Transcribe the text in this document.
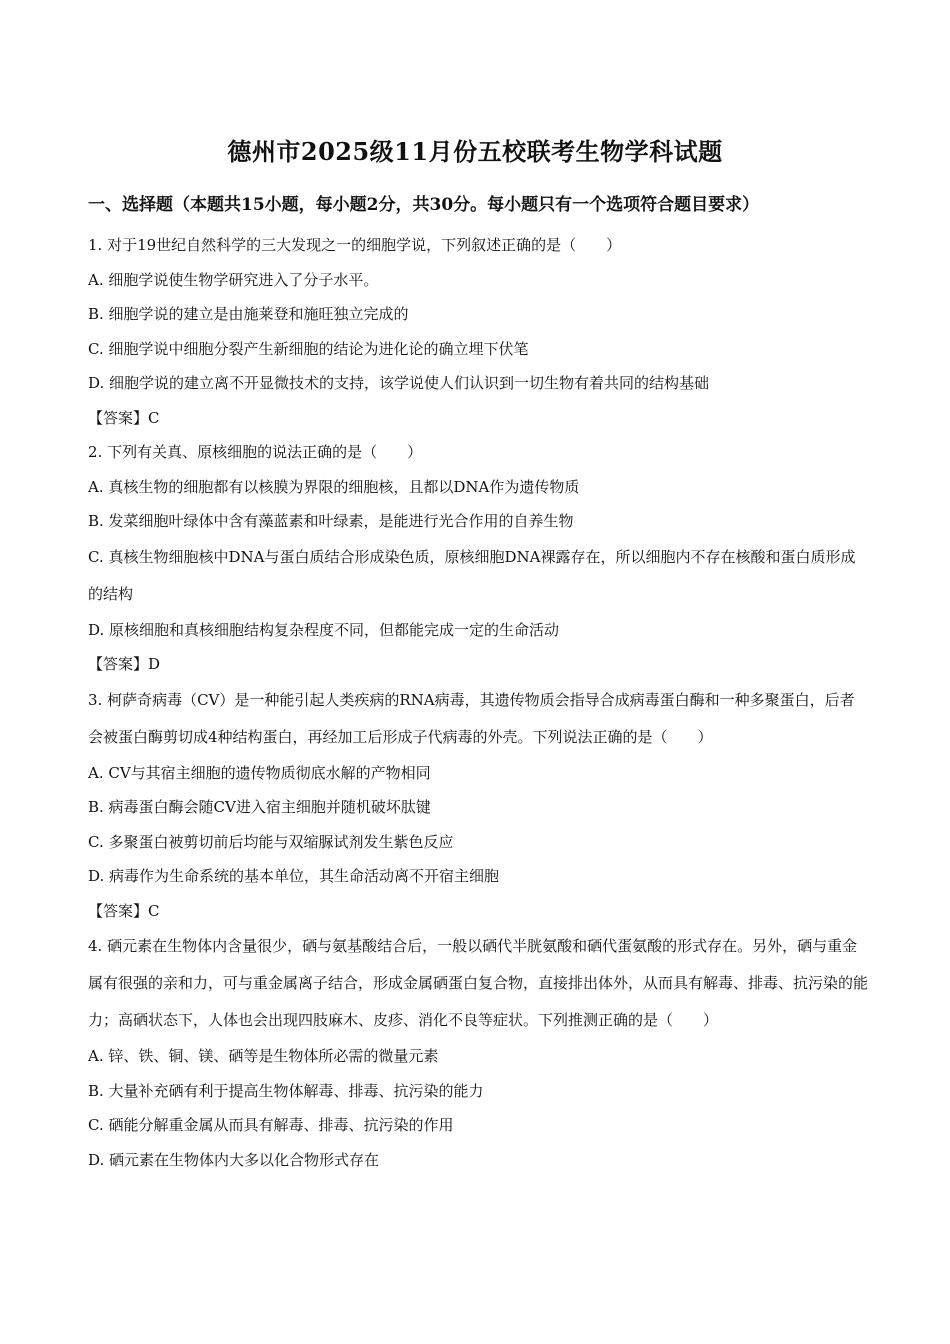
德州市2025级11月份五校联考生物学科试题
一、选择题（本题共15小题，每小题2分，共30分。每小题只有一个选项符合题目要求）
1. 对于19世纪自然科学的三大发现之一的细胞学说，下列叙述正确的是（　　）
A. 细胞学说使生物学研究进入了分子水平。
B. 细胞学说的建立是由施莱登和施旺独立完成的
C. 细胞学说中细胞分裂产生新细胞的结论为进化论的确立埋下伏笔
D. 细胞学说的建立离不开显微技术的支持，该学说使人们认识到一切生物有着共同的结构基础
【答案】C
2. 下列有关真、原核细胞的说法正确的是（　　）
A. 真核生物的细胞都有以核膜为界限的细胞核，且都以DNA作为遗传物质
B. 发菜细胞叶绿体中含有藻蓝素和叶绿素，是能进行光合作用的自养生物
C. 真核生物细胞核中DNA与蛋白质结合形成染色质，原核细胞DNA裸露存在，所以细胞内不存在核酸和蛋白质形成的结构
D. 原核细胞和真核细胞结构复杂程度不同，但都能完成一定的生命活动
【答案】D
3. 柯萨奇病毒（CV）是一种能引起人类疾病的RNA病毒，其遗传物质会指导合成病毒蛋白酶和一种多聚蛋白，后者会被蛋白酶剪切成4种结构蛋白，再经加工后形成子代病毒的外壳。下列说法正确的是（　　）
A. CV与其宿主细胞的遗传物质彻底水解的产物相同
B. 病毒蛋白酶会随CV进入宿主细胞并随机破坏肽键
C. 多聚蛋白被剪切前后均能与双缩脲试剂发生紫色反应
D. 病毒作为生命系统的基本单位，其生命活动离不开宿主细胞
【答案】C
4. 硒元素在生物体内含量很少，硒与氨基酸结合后，一般以硒代半胱氨酸和硒代蛋氨酸的形式存在。另外，硒与重金属有很强的亲和力，可与重金属离子结合，形成金属硒蛋白复合物，直接排出体外，从而具有解毒、排毒、抗污染的能力；高硒状态下，人体也会出现四肢麻木、皮疹、消化不良等症状。下列推测正确的是（　　）
A. 锌、铁、铜、镁、硒等是生物体所必需的微量元素
B. 大量补充硒有利于提高生物体解毒、排毒、抗污染的能力
C. 硒能分解重金属从而具有解毒、排毒、抗污染的作用
D. 硒元素在生物体内大多以化合物形式存在
